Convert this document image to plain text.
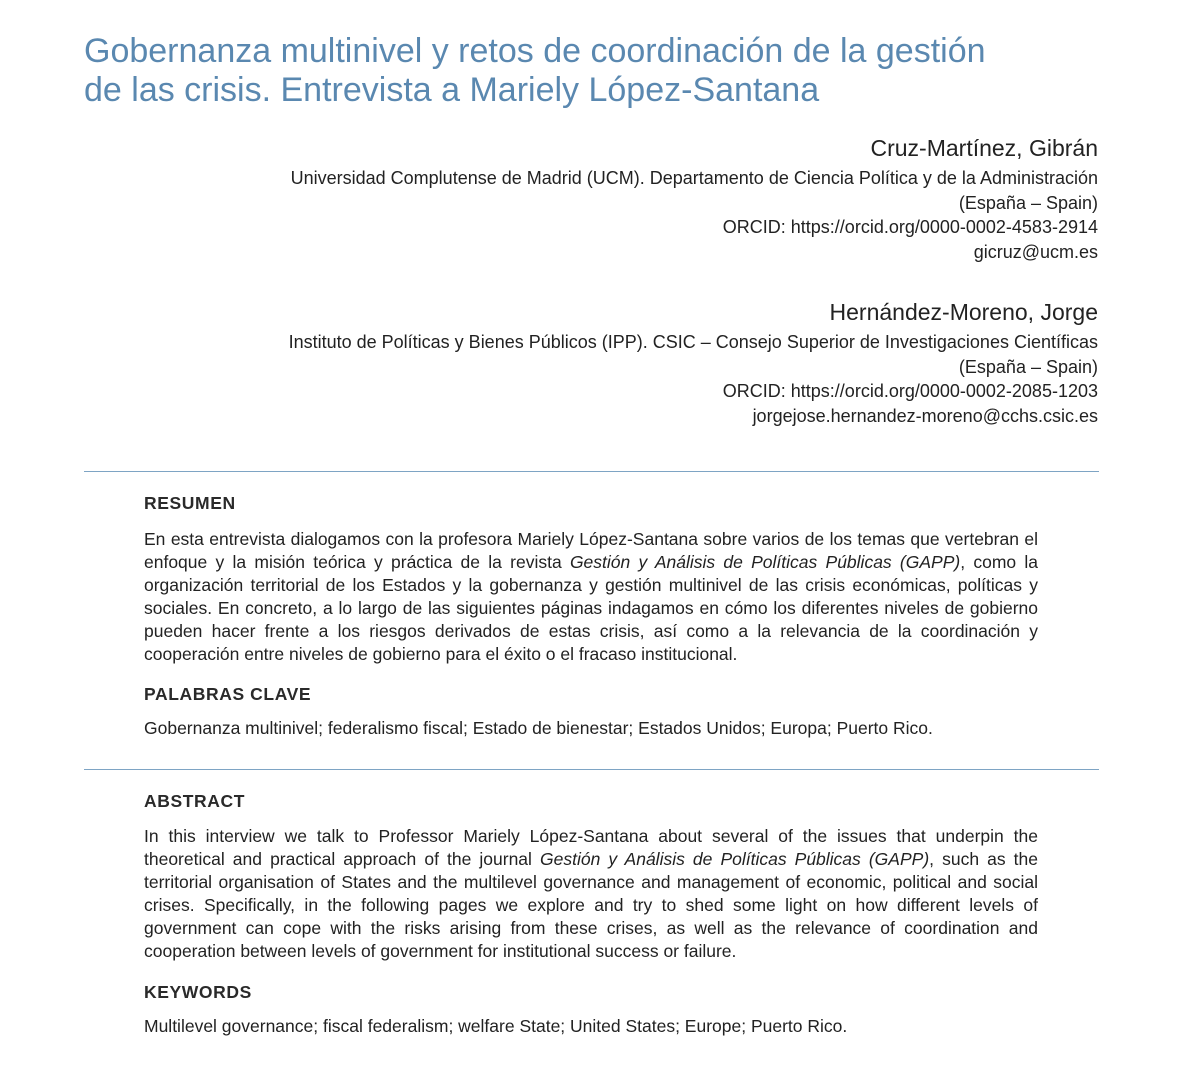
Gobernanza multinivel y retos de coordinación de la gestión
de las crisis. Entrevista a Mariely López-Santana
Cruz-Martínez, Gibrán
Universidad Complutense de Madrid (UCM). Departamento de Ciencia Política y de la Administración
(España – Spain)
ORCID: https://orcid.org/0000-0002-4583-2914
gicruz@ucm.es
Hernández-Moreno, Jorge
Instituto de Políticas y Bienes Públicos (IPP). CSIC – Consejo Superior de Investigaciones Científicas
(España – Spain)
ORCID: https://orcid.org/0000-0002-2085-1203
jorgejose.hernandez-moreno@cchs.csic.es
RESUMEN

En esta entrevista dialogamos con la profesora Mariely López-Santana sobre varios de los temas que vertebran el enfoque y la misión teórica y práctica de la revista Gestión y Análisis de Políticas Públicas (GAPP), como la organización territorial de los Estados y la gobernanza y gestión multinivel de las crisis económicas, políticas y sociales. En concreto, a lo largo de las siguientes páginas indagamos en cómo los diferentes niveles de gobierno pueden hacer frente a los riesgos derivados de estas crisis, así como a la relevancia de la coordinación y cooperación entre niveles de gobierno para el éxito o el fracaso institucional.

PALABRAS CLAVE

Gobernanza multinivel; federalismo fiscal; Estado de bienestar; Estados Unidos; Europa; Puerto Rico.

ABSTRACT

In this interview we talk to Professor Mariely López-Santana about several of the issues that underpin the theoretical and practical approach of the journal Gestión y Análisis de Políticas Públicas (GAPP), such as the territorial organisation of States and the multilevel governance and management of economic, political and social crises. Specifically, in the following pages we explore and try to shed some light on how different levels of government can cope with the risks arising from these crises, as well as the relevance of coordination and cooperation between levels of government for institutional success or failure.

KEYWORDS

Multilevel governance; fiscal federalism; welfare State; United States; Europe; Puerto Rico.
